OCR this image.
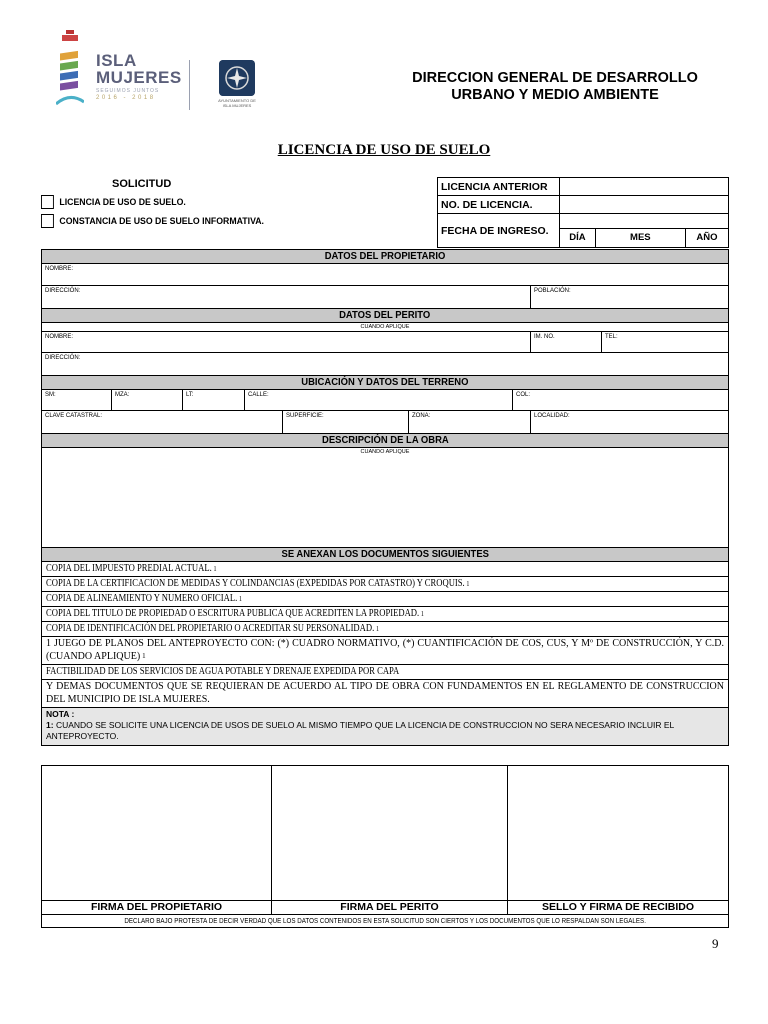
ISLA
MUJERES
SEGUIMOS JUNTOS
2016 - 2018	AYUNTAMIENTO DE ISLA MUJERES
DIRECCION GENERAL DE DESARROLLO
URBANO Y MEDIO AMBIENTE
LICENCIA DE USO DE SUELO
SOLICITUD
LICENCIA DE USO DE SUELO.
CONSTANCIA DE USO DE SUELO INFORMATIVA.
LICENCIA ANTERIOR			
NO. DE LICENCIA.			
FECHA DE INGRESO.			
	DÍA	MES	AÑO
DATOS DEL PROPIETARIO
NOMBRE:
DIRECCIÓN:	POBLACIÓN:
DATOS DEL PERITO
CUANDO APLIQUE
NOMBRE:	IM. NO.	TEL:
DIRECCIÓN:
UBICACIÓN Y DATOS DEL TERRENO
SM:	MZA:	LT:	CALLE:	COL:
CLAVE CATASTRAL:	SUPERFICIE:	ZONA:	LOCALIDAD:
DESCRIPCIÓN DE LA OBRA
CUANDO APLIQUE
SE ANEXAN LOS DOCUMENTOS SIGUIENTES
COPIA DEL IMPUESTO PREDIAL ACTUAL. $^1$
COPIA DE LA CERTIFICACION DE MEDIDAS Y COLINDANCIAS (EXPEDIDAS POR CATASTRO) Y CROQUIS. $^1$
COPIA DE ALINEAMIENTO Y NUMERO OFICIAL. $^1$
COPIA DEL TITULO DE PROPIEDAD O ESCRITURA PUBLICA QUE ACREDITEN LA PROPIEDAD. $^1$
COPIA DE IDENTIFICACIÓN DEL PROPIETARIO O ACREDITAR SU PERSONALIDAD. $^1$
1 JUEGO DE PLANOS DEL ANTEPROYECTO CON: (*) CUADRO NORMATIVO, (*) CUANTIFICACIÓN DE COS, CUS, Y Mº DE CONSTRUCCIÓN, Y C.D. (CUANDO APLIQUE) $^1$
FACTIBILIDAD DE LOS SERVICIOS DE AGUA POTABLE Y DRENAJE EXPEDIDA POR CAPA
Y DEMAS DOCUMENTOS QUE SE REQUIERAN DE ACUERDO AL TIPO DE OBRA CON FUNDAMENTOS EN EL REGLAMENTO DE CONSTRUCCION DEL MUNICIPIO DE ISLA MUJERES.
NOTA :
1: CUANDO SE SOLICITE UNA LICENCIA DE USOS DE SUELO AL MISMO TIEMPO QUE LA LICENCIA DE CONSTRUCCION NO SERA NECESARIO INCLUIR EL ANTEPROYECTO.
FIRMA DEL PROPIETARIO	FIRMA DEL PERITO	SELLO Y FIRMA DE RECIBIDO
DECLARO BAJO PROTESTA DE DECIR VERDAD QUE LOS DATOS CONTENIDOS EN ESTA SOLICITUD SON CIERTOS Y LOS DOCUMENTOS QUE LO RESPALDAN SON LEGALES.
9
